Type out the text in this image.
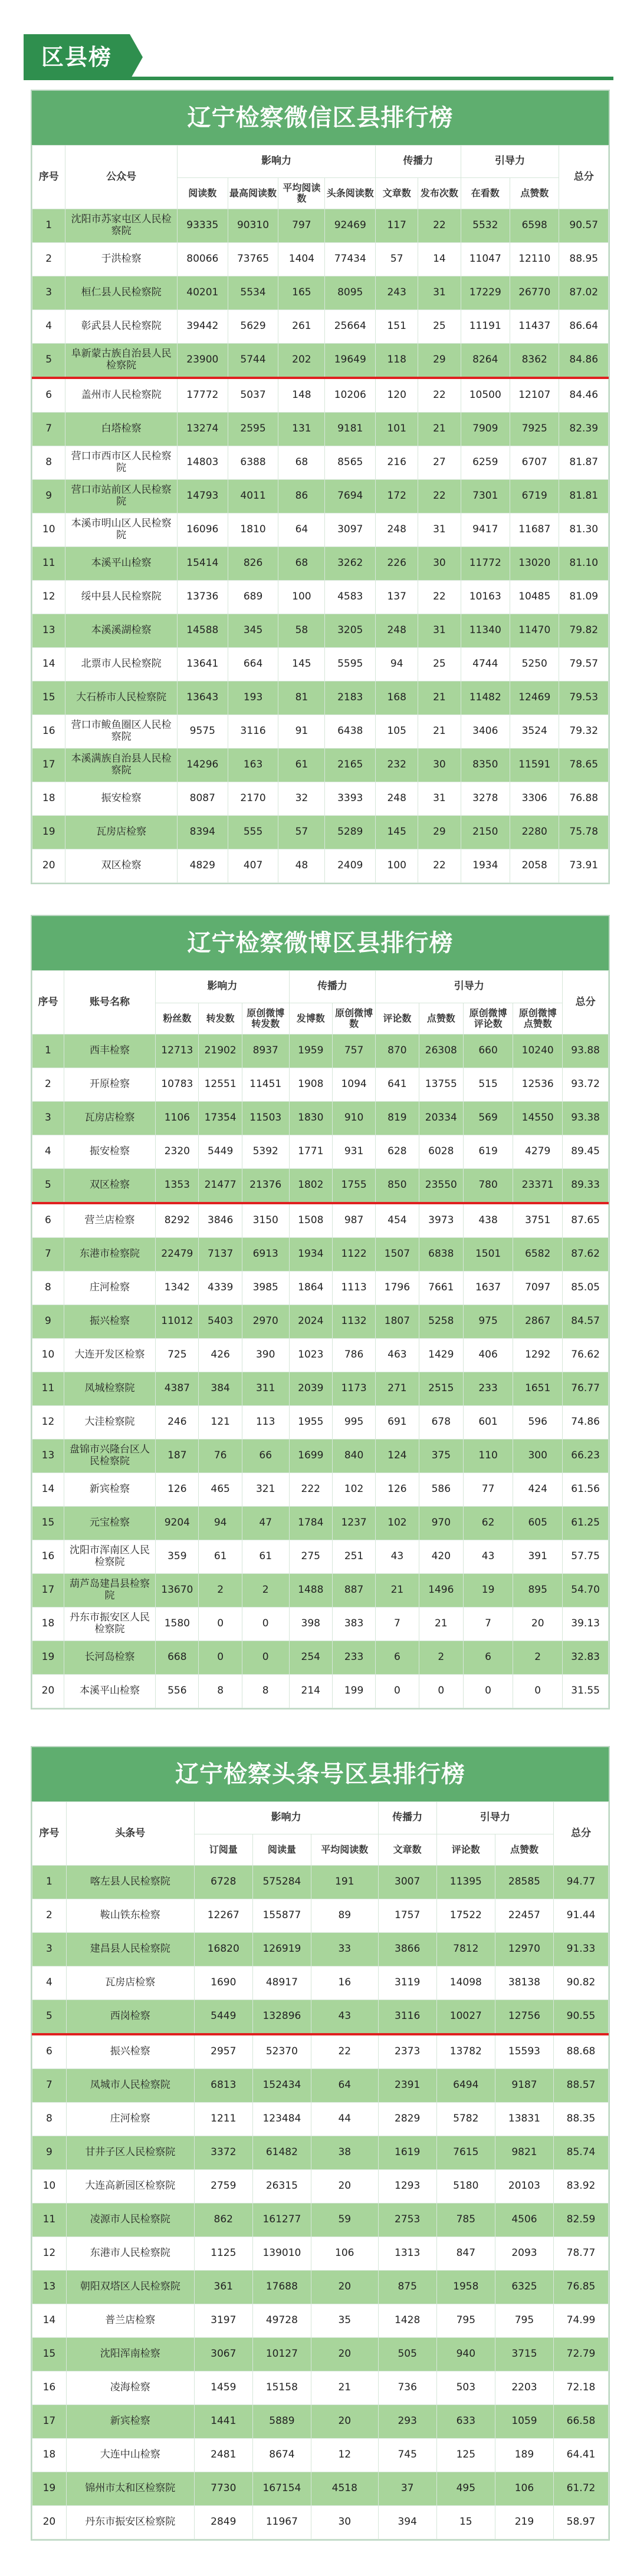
区县榜
辽宁检察微信区县排行榜
序号	公众号	影响力				传播力		引导力		总分
		阅读数	最高阅读数	平均阅读数	头条阅读数	文章数	发布次数	在看数	点赞数	
1	沈阳市苏家屯区人民检察院	93335	90310	797	92469	117	22	5532	6598	90.57
2	于洪检察	80066	73765	1404	77434	57	14	11047	12110	88.95
3	桓仁县人民检察院	40201	5534	165	8095	243	31	17229	26770	87.02
4	彰武县人民检察院	39442	5629	261	25664	151	25	11191	11437	86.64
5	阜新蒙古族自治县人民检察院	23900	5744	202	19649	118	29	8264	8362	84.86
6	盖州市人民检察院	17772	5037	148	10206	120	22	10500	12107	84.46
7	白塔检察	13274	2595	131	9181	101	21	7909	7925	82.39
8	营口市西市区人民检察院	14803	6388	68	8565	216	27	6259	6707	81.87
9	营口市站前区人民检察院	14793	4011	86	7694	172	22	7301	6719	81.81
10	本溪市明山区人民检察院	16096	1810	64	3097	248	31	9417	11687	81.30
11	本溪平山检察	15414	826	68	3262	226	30	11772	13020	81.10
12	绥中县人民检察院	13736	689	100	4583	137	22	10163	10485	81.09
13	本溪溪湖检察	14588	345	58	3205	248	31	11340	11470	79.82
14	北票市人民检察院	13641	664	145	5595	94	25	4744	5250	79.57
15	大石桥市人民检察院	13643	193	81	2183	168	21	11482	12469	79.53
16	营口市鲅鱼圈区人民检察院	9575	3116	91	6438	105	21	3406	3524	79.32
17	本溪满族自治县人民检察院	14296	163	61	2165	232	30	8350	11591	78.65
18	振安检察	8087	2170	32	3393	248	31	3278	3306	76.88
19	瓦房店检察	8394	555	57	5289	145	29	2150	2280	75.78
20	双区检察	4829	407	48	2409	100	22	1934	2058	73.91
辽宁检察微博区县排行榜
序号	账号名称	影响力			传播力		引导力				总分
		粉丝数	转发数	原创微博转发数	发博数	原创微博数	评论数	点赞数	原创微博评论数	原创微博点赞数	
1	西丰检察	12713	21902	8937	1959	757	870	26308	660	10240	93.88
2	开原检察	10783	12551	11451	1908	1094	641	13755	515	12536	93.72
3	瓦房店检察	1106	17354	11503	1830	910	819	20334	569	14550	93.38
4	振安检察	2320	5449	5392	1771	931	628	6028	619	4279	89.45
5	双区检察	1353	21477	21376	1802	1755	850	23550	780	23371	89.33
6	营兰店检察	8292	3846	3150	1508	987	454	3973	438	3751	87.65
7	东港市检察院	22479	7137	6913	1934	1122	1507	6838	1501	6582	87.62
8	庄河检察	1342	4339	3985	1864	1113	1796	7661	1637	7097	85.05
9	振兴检察	11012	5403	2970	2024	1132	1807	5258	975	2867	84.57
10	大连开发区检察	725	426	390	1023	786	463	1429	406	1292	76.62
11	凤城检察院	4387	384	311	2039	1173	271	2515	233	1651	76.77
12	大洼检察院	246	121	113	1955	995	691	678	601	596	74.86
13	盘锦市兴隆台区人民检察院	187	76	66	1699	840	124	375	110	300	66.23
14	新宾检察	126	465	321	222	102	126	586	77	424	61.56
15	元宝检察	9204	94	47	1784	1237	102	970	62	605	61.25
16	沈阳市浑南区人民检察院	359	61	61	275	251	43	420	43	391	57.75
17	葫芦岛建昌县检察院	13670	2	2	1488	887	21	1496	19	895	54.70
18	丹东市振安区人民检察院	1580	0	0	398	383	7	21	7	20	39.13
19	长河岛检察	668	0	0	254	233	6	2	6	2	32.83
20	本溪平山检察	556	8	8	214	199	0	0	0	0	31.55
辽宁检察头条号区县排行榜
序号	头条号	影响力			传播力	引导力		总分
		订阅量	阅读量	平均阅读数	文章数	评论数	点赞数	
1	喀左县人民检察院	6728	575284	191	3007	11395	28585	94.77
2	鞍山铁东检察	12267	155877	89	1757	17522	22457	91.44
3	建昌县人民检察院	16820	126919	33	3866	7812	12970	91.33
4	瓦房店检察	1690	48917	16	3119	14098	38138	90.82
5	西岗检察	5449	132896	43	3116	10027	12756	90.55
6	振兴检察	2957	52370	22	2373	13782	15593	88.68
7	凤城市人民检察院	6813	152434	64	2391	6494	9187	88.57
8	庄河检察	1211	123484	44	2829	5782	13831	88.35
9	甘井子区人民检察院	3372	61482	38	1619	7615	9821	85.74
10	大连高新园区检察院	2759	26315	20	1293	5180	20103	83.92
11	凌源市人民检察院	862	161277	59	2753	785	4506	82.59
12	东港市人民检察院	1125	139010	106	1313	847	2093	78.77
13	朝阳双塔区人民检察院	361	17688	20	875	1958	6325	76.85
14	普兰店检察	3197	49728	35	1428	795	795	74.99
15	沈阳浑南检察	3067	10127	20	505	940	3715	72.79
16	凌海检察	1459	15158	21	736	503	2203	72.18
17	新宾检察	1441	5889	20	293	633	1059	66.58
18	大连中山检察	2481	8674	12	745	125	189	64.41
19	锦州市太和区检察院	7730	167154	4518	37	495	106	61.72
20	丹东市振安区检察院	2849	11967	30	394	15	219	58.97
